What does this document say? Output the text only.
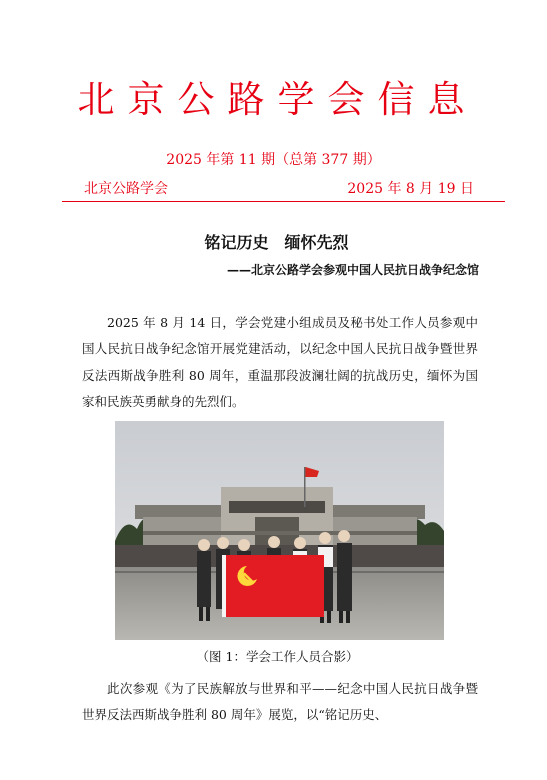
北京公路学会信息
2025 年第 11 期（总第 377 期）
北京公路学会	2025 年 8 月 19 日
铭记历史　缅怀先烈
——北京公路学会参观中国人民抗日战争纪念馆

2025 年 8 月 14 日，学会党建小组成员及秘书处工作人员参观中国人民抗日战争纪念馆开展党建活动，以纪念中国人民抗日战争暨世界反法西斯战争胜利 80 周年，重温那段波澜壮阔的抗战历史，缅怀为国家和民族英勇献身的先烈们。

（图 1：学会工作人员合影）

此次参观《为了民族解放与世界和平——纪念中国人民抗日战争暨世界反法西斯战争胜利 80 周年》展览，以“铭记历史、
